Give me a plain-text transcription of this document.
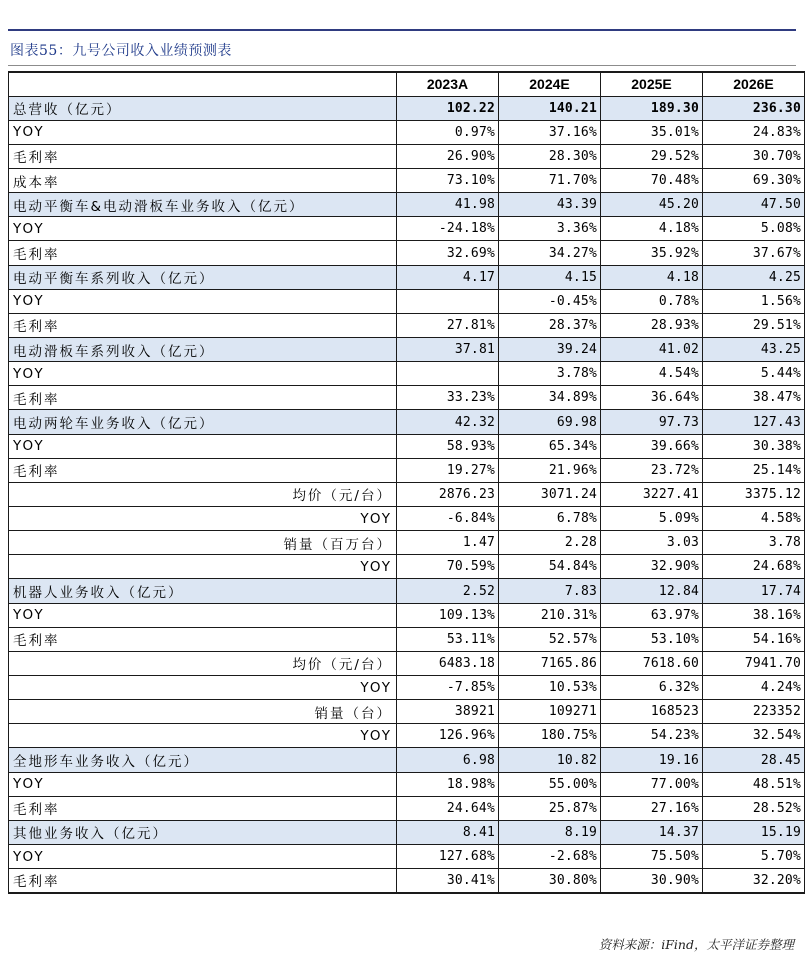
图表55：九号公司收入业绩预测表
	2023A	2024E	2025E	2026E
总营收（亿元）	102.22	140.21	189.30	236.30
YOY	0.97%	37.16%	35.01%	24.83%
毛利率	26.90%	28.30%	29.52%	30.70%
成本率	73.10%	71.70%	70.48%	69.30%
电动平衡车&电动滑板车业务收入（亿元）	41.98	43.39	45.20	47.50
YOY	-24.18%	3.36%	4.18%	5.08%
毛利率	32.69%	34.27%	35.92%	37.67%
电动平衡车系列收入（亿元）	4.17	4.15	4.18	4.25
YOY		-0.45%	0.78%	1.56%
毛利率	27.81%	28.37%	28.93%	29.51%
电动滑板车系列收入（亿元）	37.81	39.24	41.02	43.25
YOY		3.78%	4.54%	5.44%
毛利率	33.23%	34.89%	36.64%	38.47%
电动两轮车业务收入（亿元）	42.32	69.98	97.73	127.43
YOY	58.93%	65.34%	39.66%	30.38%
毛利率	19.27%	21.96%	23.72%	25.14%
均价（元/台）	2876.23	3071.24	3227.41	3375.12
YOY	-6.84%	6.78%	5.09%	4.58%
销量（百万台）	1.47	2.28	3.03	3.78
YOY	70.59%	54.84%	32.90%	24.68%
机器人业务收入（亿元）	2.52	7.83	12.84	17.74
YOY	109.13%	210.31%	63.97%	38.16%
毛利率	53.11%	52.57%	53.10%	54.16%
均价（元/台）	6483.18	7165.86	7618.60	7941.70
YOY	-7.85%	10.53%	6.32%	4.24%
销量（台）	38921	109271	168523	223352
YOY	126.96%	180.75%	54.23%	32.54%
全地形车业务收入（亿元）	6.98	10.82	19.16	28.45
YOY	18.98%	55.00%	77.00%	48.51%
毛利率	24.64%	25.87%	27.16%	28.52%
其他业务收入（亿元）	8.41	8.19	14.37	15.19
YOY	127.68%	-2.68%	75.50%	5.70%
毛利率	30.41%	30.80%	30.90%	32.20%
资料来源：iFind，太平洋证券整理
